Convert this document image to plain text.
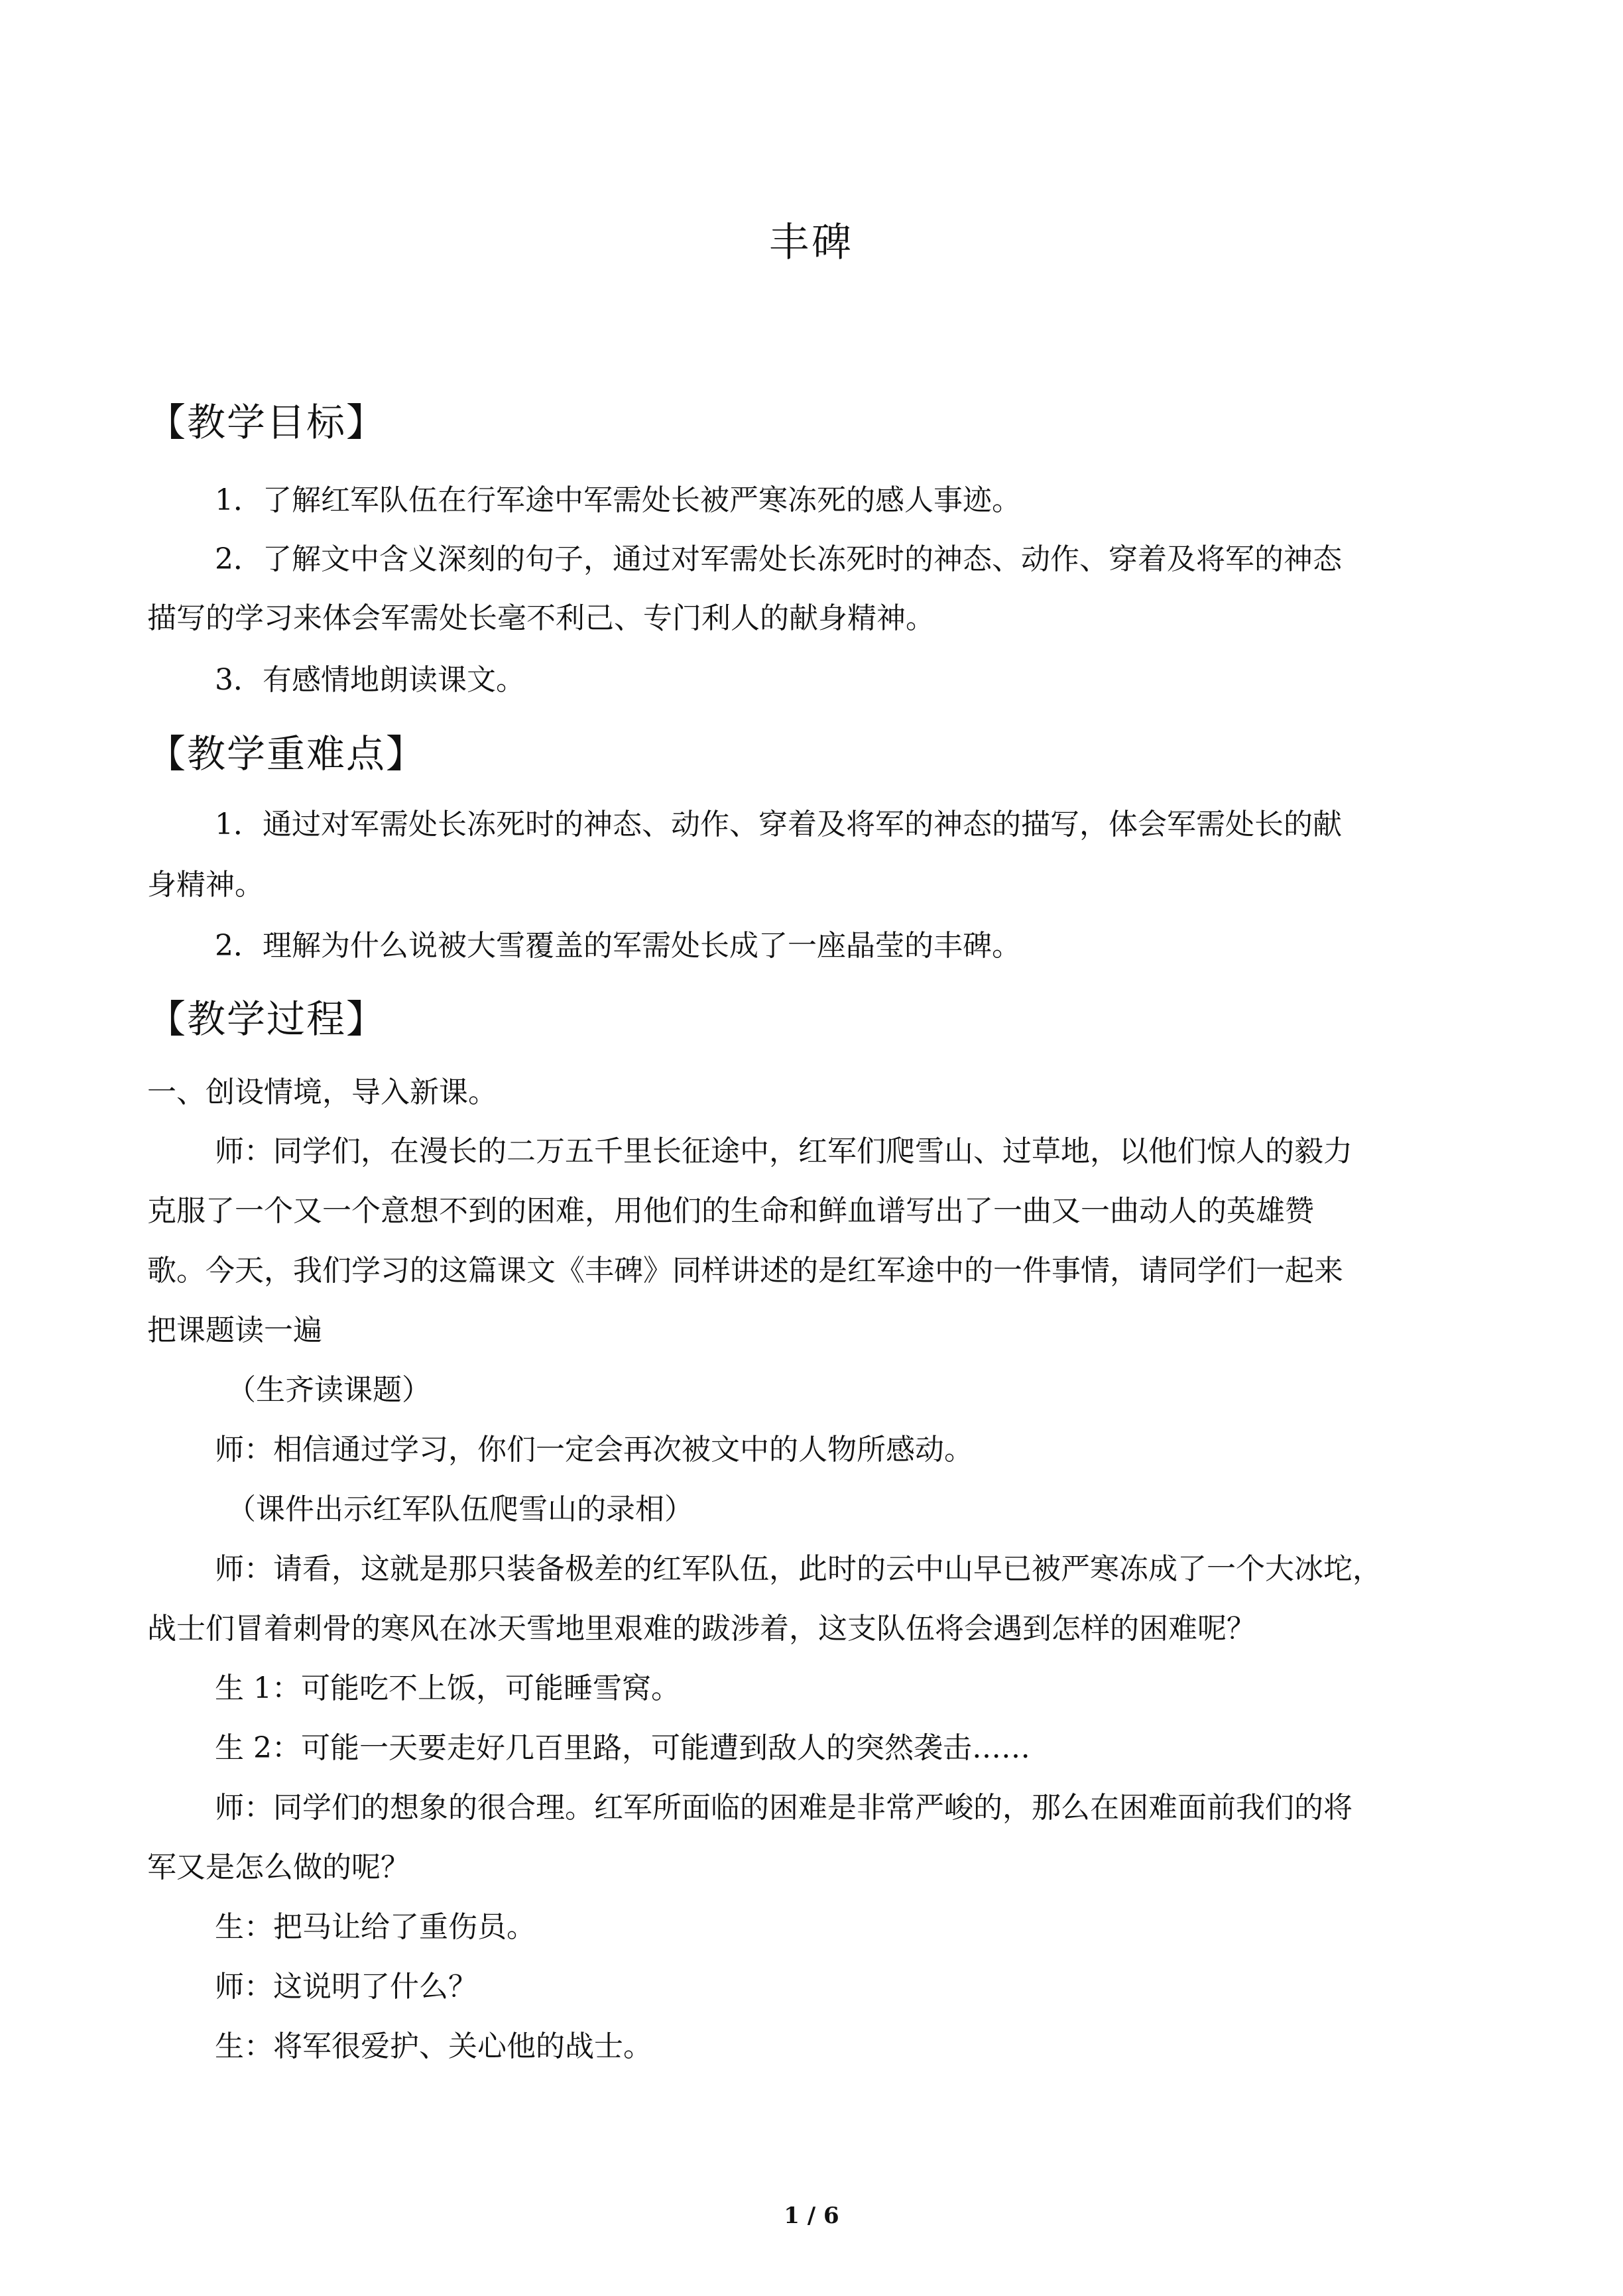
丰碑
【教学目标】
1．了解红军队伍在行军途中军需处长被严寒冻死的感人事迹。
2．了解文中含义深刻的句子，通过对军需处长冻死时的神态、动作、穿着及将军的神态
描写的学习来体会军需处长毫不利己、专门利人的献身精神。
3．有感情地朗读课文。
【教学重难点】
1．通过对军需处长冻死时的神态、动作、穿着及将军的神态的描写，体会军需处长的献
身精神。
2．理解为什么说被大雪覆盖的军需处长成了一座晶莹的丰碑。
【教学过程】
一、创设情境，导入新课。
师：同学们，在漫长的二万五千里长征途中，红军们爬雪山、过草地，以他们惊人的毅力
克服了一个又一个意想不到的困难，用他们的生命和鲜血谱写出了一曲又一曲动人的英雄赞
歌。今天，我们学习的这篇课文《丰碑》同样讲述的是红军途中的一件事情，请同学们一起来
把课题读一遍
（生齐读课题）
师：相信通过学习，你们一定会再次被文中的人物所感动。
（课件出示红军队伍爬雪山的录相）
师：请看，这就是那只装备极差的红军队伍，此时的云中山早已被严寒冻成了一个大冰坨，
战士们冒着刺骨的寒风在冰天雪地里艰难的跋涉着，这支队伍将会遇到怎样的困难呢？
生 1：可能吃不上饭，可能睡雪窝。
生 2：可能一天要走好几百里路，可能遭到敌人的突然袭击……
师：同学们的想象的很合理。红军所面临的困难是非常严峻的，那么在困难面前我们的将
军又是怎么做的呢？
生：把马让给了重伤员。
师：这说明了什么？
生：将军很爱护、关心他的战士。
1 / 6
